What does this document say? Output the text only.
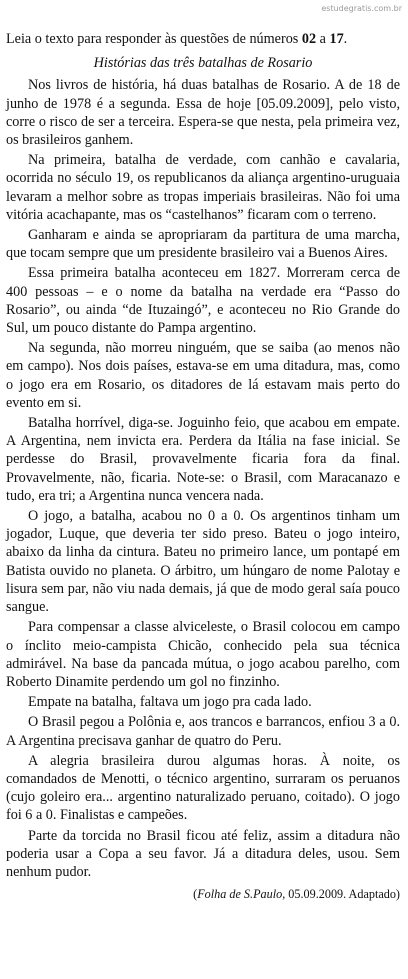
estudegratis.com.br

Leia o texto para responder às questões de números 02 a 17.

Histórias das três batalhas de Rosario

Nos livros de história, há duas batalhas de Rosario. A de 18 de junho de 1978 é a segunda. Essa de hoje [05.09.2009], pelo visto, corre o risco de ser a terceira. Espera-se que nesta, pela primeira vez, os brasileiros ganhem.

Na primeira, batalha de verdade, com canhão e cavalaria, ocorrida no século 19, os republicanos da aliança argentino-uruguaia levaram a melhor sobre as tropas imperiais brasileiras. Não foi uma vitória acachapante, mas os “castelhanos” ficaram com o terreno.

Ganharam e ainda se apropriaram da partitura de uma marcha, que tocam sempre que um presidente brasileiro vai a Buenos Aires.

Essa primeira batalha aconteceu em 1827. Morreram cerca de 400 pessoas – e o nome da batalha na verdade era “Passo do Rosario”, ou ainda “de Ituzaingó”, e aconteceu no Rio Grande do Sul, um pouco distante do Pampa argentino.

Na segunda, não morreu ninguém, que se saiba (ao menos não em campo). Nos dois países, estava-se em uma ditadura, mas, como o jogo era em Rosario, os ditadores de lá estavam mais perto do evento em si.

Batalha horrível, diga-se. Joguinho feio, que acabou em empate. A Argentina, nem invicta era. Perdera da Itália na fase inicial. Se perdesse do Brasil, provavelmente ficaria fora da final. Provavelmente, não, ficaria. Note-se: o Brasil, com Maracanazo e tudo, era tri; a Argentina nunca vencera nada.

O jogo, a batalha, acabou no 0 a 0. Os argentinos tinham um jogador, Luque, que deveria ter sido preso. Bateu o jogo inteiro, abaixo da linha da cintura. Bateu no primeiro lance, um pontapé em Batista ouvido no planeta. O árbitro, um húngaro de nome Palotay e lisura sem par, não viu nada demais, já que de modo geral saía pouco sangue.

Para compensar a classe alviceleste, o Brasil colocou em campo o ínclito meio-campista Chicão, conhecido pela sua técnica admirável. Na base da pancada mútua, o jogo acabou parelho, com Roberto Dinamite perdendo um gol no finzinho.

Empate na batalha, faltava um jogo pra cada lado.

O Brasil pegou a Polônia e, aos trancos e barrancos, enfiou 3 a 0. A Argentina precisava ganhar de quatro do Peru.

A alegria brasileira durou algumas horas. À noite, os comandados de Menotti, o técnico argentino, surraram os peruanos (cujo goleiro era... argentino naturalizado peruano, coitado). O jogo foi 6 a 0. Finalistas e campeões.

Parte da torcida no Brasil ficou até feliz, assim a ditadura não poderia usar a Copa a seu favor. Já a ditadura deles, usou. Sem nenhum pudor.

(Folha de S.Paulo, 05.09.2009. Adaptado)
